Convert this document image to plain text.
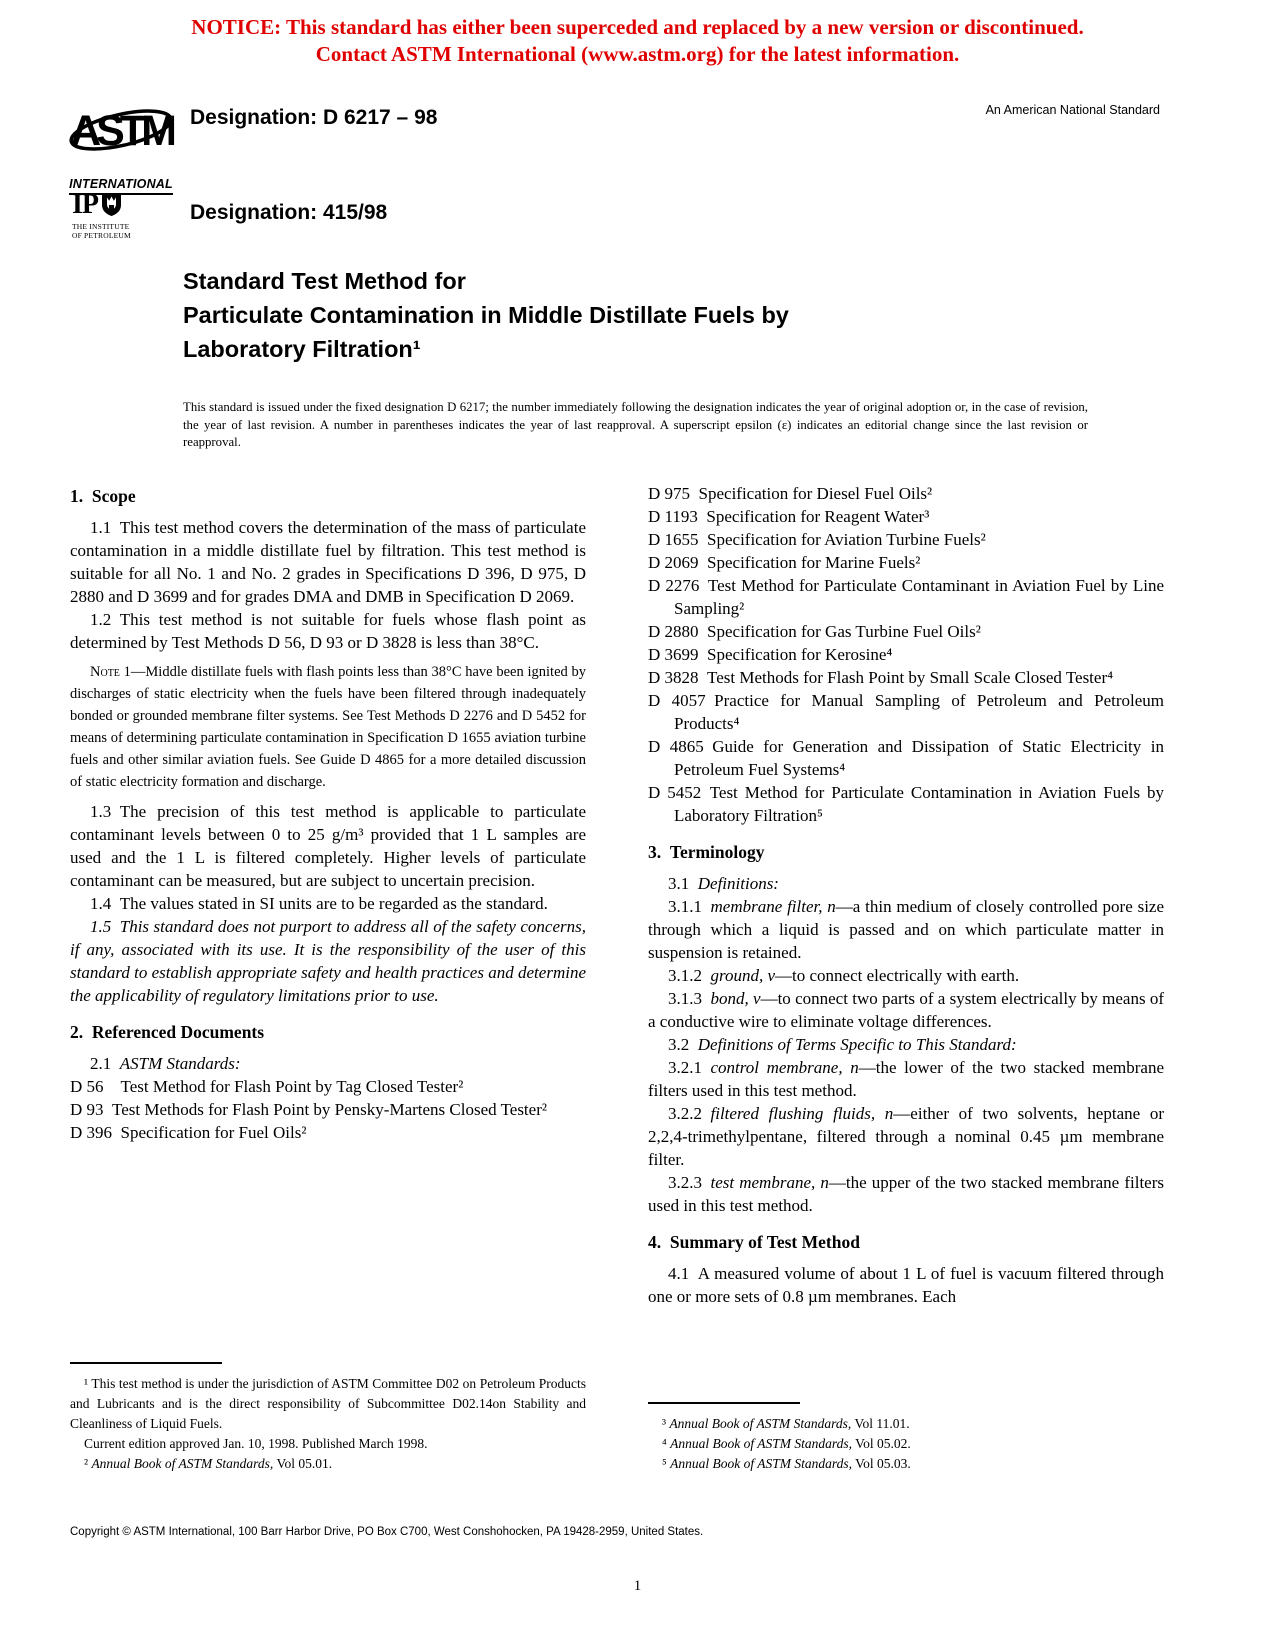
NOTICE: This standard has either been superceded and replaced by a new version or discontinued.
Contact ASTM International (www.astm.org) for the latest information.
ASTM
INTERNATIONAL
Designation: D 6217 – 98	An American National Standard
IP
THE INSTITUTE
OF PETROLEUM
Designation: 415/98
Standard Test Method for
Particulate Contamination in Middle Distillate Fuels by
Laboratory Filtration¹
This standard is issued under the fixed designation D 6217; the number immediately following the designation indicates the year of original adoption or, in the case of revision, the year of last revision. A number in parentheses indicates the year of last reapproval. A superscript epsilon (ε) indicates an editorial change since the last revision or reapproval.
1. Scope
1.1 This test method covers the determination of the mass of particulate contamination in a middle distillate fuel by filtration. This test method is suitable for all No. 1 and No. 2 grades in Specifications D 396, D 975, D 2880 and D 3699 and for grades DMA and DMB in Specification D 2069.
1.2 This test method is not suitable for fuels whose flash point as determined by Test Methods D 56, D 93 or D 3828 is less than 38°C.
Note 1—Middle distillate fuels with flash points less than 38°C have been ignited by discharges of static electricity when the fuels have been filtered through inadequately bonded or grounded membrane filter systems. See Test Methods D 2276 and D 5452 for means of determining particulate contamination in Specification D 1655 aviation turbine fuels and other similar aviation fuels. See Guide D 4865 for a more detailed discussion of static electricity formation and discharge.
1.3 The precision of this test method is applicable to particulate contaminant levels between 0 to 25 g/m³ provided that 1 L samples are used and the 1 L is filtered completely. Higher levels of particulate contaminant can be measured, but are subject to uncertain precision.
1.4 The values stated in SI units are to be regarded as the standard.
1.5 This standard does not purport to address all of the safety concerns, if any, associated with its use. It is the responsibility of the user of this standard to establish appropriate safety and health practices and determine the applicability of regulatory limitations prior to use.
2. Referenced Documents
2.1 ASTM Standards:
D 56  Test Method for Flash Point by Tag Closed Tester²
D 93 Test Methods for Flash Point by Pensky-Martens Closed Tester²
D 396 Specification for Fuel Oils²
¹ This test method is under the jurisdiction of ASTM Committee D02 on Petroleum Products and Lubricants and is the direct responsibility of Subcommittee D02.14on Stability and Cleanliness of Liquid Fuels.
Current edition approved Jan. 10, 1998. Published March 1998.
² Annual Book of ASTM Standards, Vol 05.01.
D 975 Specification for Diesel Fuel Oils²
D 1193 Specification for Reagent Water³
D 1655 Specification for Aviation Turbine Fuels²
D 2069 Specification for Marine Fuels²
D 2276 Test Method for Particulate Contaminant in Aviation Fuel by Line Sampling²
D 2880 Specification for Gas Turbine Fuel Oils²
D 3699 Specification for Kerosine⁴
D 3828 Test Methods for Flash Point by Small Scale Closed Tester⁴
D 4057 Practice for Manual Sampling of Petroleum and Petroleum Products⁴
D 4865 Guide for Generation and Dissipation of Static Electricity in Petroleum Fuel Systems⁴
D 5452 Test Method for Particulate Contamination in Aviation Fuels by Laboratory Filtration⁵
3. Terminology
3.1 Definitions:
3.1.1 membrane filter, n—a thin medium of closely controlled pore size through which a liquid is passed and on which particulate matter in suspension is retained.
3.1.2 ground, v—to connect electrically with earth.
3.1.3 bond, v—to connect two parts of a system electrically by means of a conductive wire to eliminate voltage differences.
3.2 Definitions of Terms Specific to This Standard:
3.2.1 control membrane, n—the lower of the two stacked membrane filters used in this test method.
3.2.2 filtered flushing fluids, n—either of two solvents, heptane or 2,2,4-trimethylpentane, filtered through a nominal 0.45 µm membrane filter.
3.2.3 test membrane, n—the upper of the two stacked membrane filters used in this test method.
4. Summary of Test Method
4.1 A measured volume of about 1 L of fuel is vacuum filtered through one or more sets of 0.8 µm membranes. Each
³ Annual Book of ASTM Standards, Vol 11.01.
⁴ Annual Book of ASTM Standards, Vol 05.02.
⁵ Annual Book of ASTM Standards, Vol 05.03.
Copyright © ASTM International, 100 Barr Harbor Drive, PO Box C700, West Conshohocken, PA 19428-2959, United States.
1
